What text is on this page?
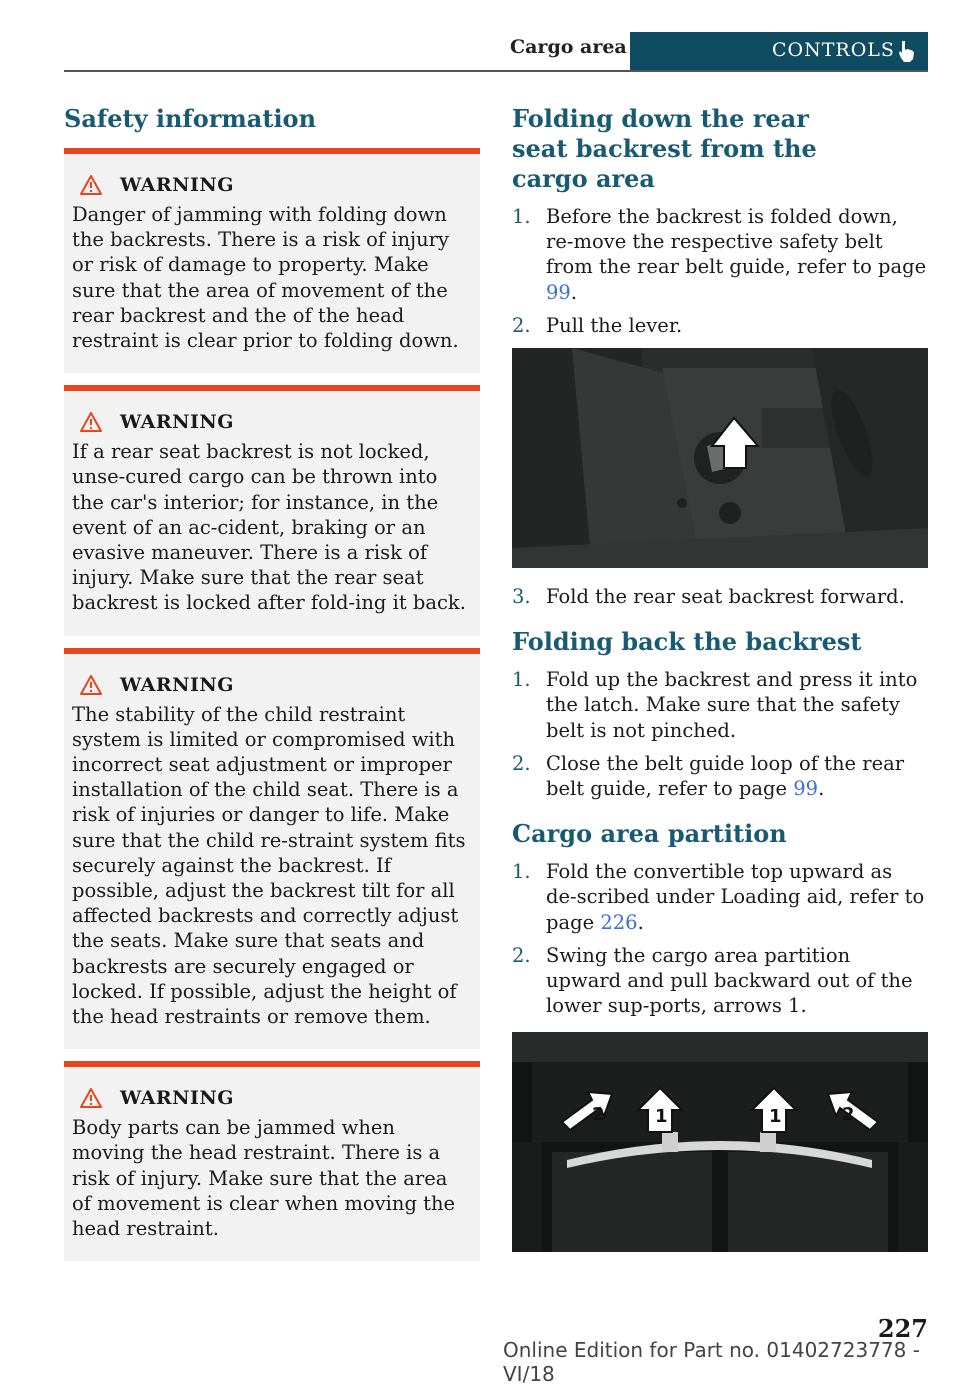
Cargo area	CONTROLS
Safety information
WARNING
Danger of jamming with folding down the backrests. There is a risk of injury or risk of damage to property. Make sure that the area of movement of the rear backrest and the of the head restraint is clear prior to folding down.
WARNING
If a rear seat backrest is not locked, unse-cured cargo can be thrown into the car's interior; for instance, in the event of an ac-cident, braking or an evasive maneuver. There is a risk of injury. Make sure that the rear seat backrest is locked after fold-ing it back.
WARNING
The stability of the child restraint system is limited or compromised with incorrect seat adjustment or improper installation of the child seat. There is a risk of injuries or danger to life. Make sure that the child re-straint system fits securely against the backrest. If possible, adjust the backrest tilt for all affected backrests and correctly adjust the seats. Make sure that seats and backrests are securely engaged or locked. If possible, adjust the height of the head restraints or remove them.
WARNING
Body parts can be jammed when moving the head restraint. There is a risk of injury. Make sure that the area of movement is clear when moving the head restraint.
Folding down the rear seat backrest from the cargo area
1. Before the backrest is folded down, re-move the respective safety belt from the rear belt guide, refer to page 99.
2. Pull the lever.
3. Fold the rear seat backrest forward.
Folding back the backrest
1. Fold up the backrest and press it into the latch. Make sure that the safety belt is not pinched.
2. Close the belt guide loop of the rear belt guide, refer to page 99.
Cargo area partition
1. Fold the convertible top upward as de-scribed under Loading aid, refer to page 226.
2. Swing the cargo area partition upward and pull backward out of the lower sup-ports, arrows 1.
2	1	1	2
227
Online Edition for Part no. 01402723778 - VI/18
